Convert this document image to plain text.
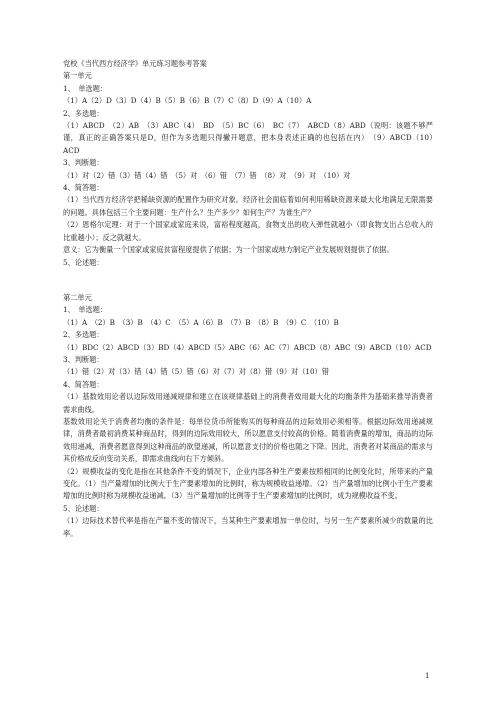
党校《当代西方经济学》单元练习题参考答案
第一单元
1、　单选题：
（1）A（2）D（3）D（4）B（5）B（6）B（7）C（8）D（9）A（10）A
2、多选题：
（1）ABCD　（2）AB　（3）ABC（4）　BD　（5）BC（6）　BC（7）　ABCD（8）ABD（说明：该题不够严谨，真正的正确答案只是D，但作为多选题只得撇开题意，把本身表述正确的也包括在内）　（9）ABCD（10）　ACD
3、判断题：
（1）对（2）错（3）错（4）错　（5）对　（6）错　（7）错　（8）对　（9）对　（10）对
4、简答题：
（1）当代西方经济学把稀缺资源的配置作为研究对象。经济社会面临着如何利用稀缺资源来最大化地满足无限需要的问题。具体包括三个主要问题：生产什么？生产多少？如何生产？为谁生产？
（2）恩格尔定理：对于一个国家或家庭来说，富裕程度越高，食物支出的收入弹性就越小（即食物支出占总收入的比重越小）；反之就越大。
意义：它为衡量一个国家或家庭贫富程度提供了依据；为一个国家或地方制定产业发展规划提供了依据。
5、论述题：
第二单元
1、　单选题：
（1）A　（2）B　（3）B　（4）C　（5）A（6）B　（7）B　（8）B　（9）C　（10）B
2、多选题：
（1）BDC（2）ABCD（3）BD（4）ABCD（5）ABC（6）AC（7）ABCD（8）ABC（9）ABCD（10）ACD
3、判断题：
（1）错（2）对（3）错（4）错（5）错（6）对（7）对（8）错（9）对（10）错
4、简答题：
（1）基数效用论者以边际效用递减规律和建立在该规律基础上的消费者效用最大化的均衡条件为基础来推导消费者需求曲线。
基数效用论关于消费者均衡的条件是：每单位货币所能购买的每种商品的边际效用必须相等。根据边际效用递减规律，消费者最初消费某种商品时，得到的边际效用较大，所以愿意支付较高的价格。随着消费量的增加，商品的边际效用递减，消费者愿意得到这种商品的欲望递减，所以愿意支付的价格也随之下降。因此，消费者对某商品的需求与其价格成反向变动关系，即需求曲线向右下方倾斜。
（2）规模收益的变化是指在其他条件不变的情况下，企业内部各种生产要素按照相同的比例变化时，所带来的产量变化。（1）当产量增加的比例大于生产要素增加的比例时，称为规模收益递增。（2）当产量增加的比例小于生产要素增加的比例时称为规模收益递减。（3）当产量增加的比例等于生产要素增加的比例时，成为规模收益不变。
5、论述题：
（1）边际技术替代率是指在产量不变的情况下，当某种生产要素增加一单位时，与另一生产要素所减少的数量的比率。
1
